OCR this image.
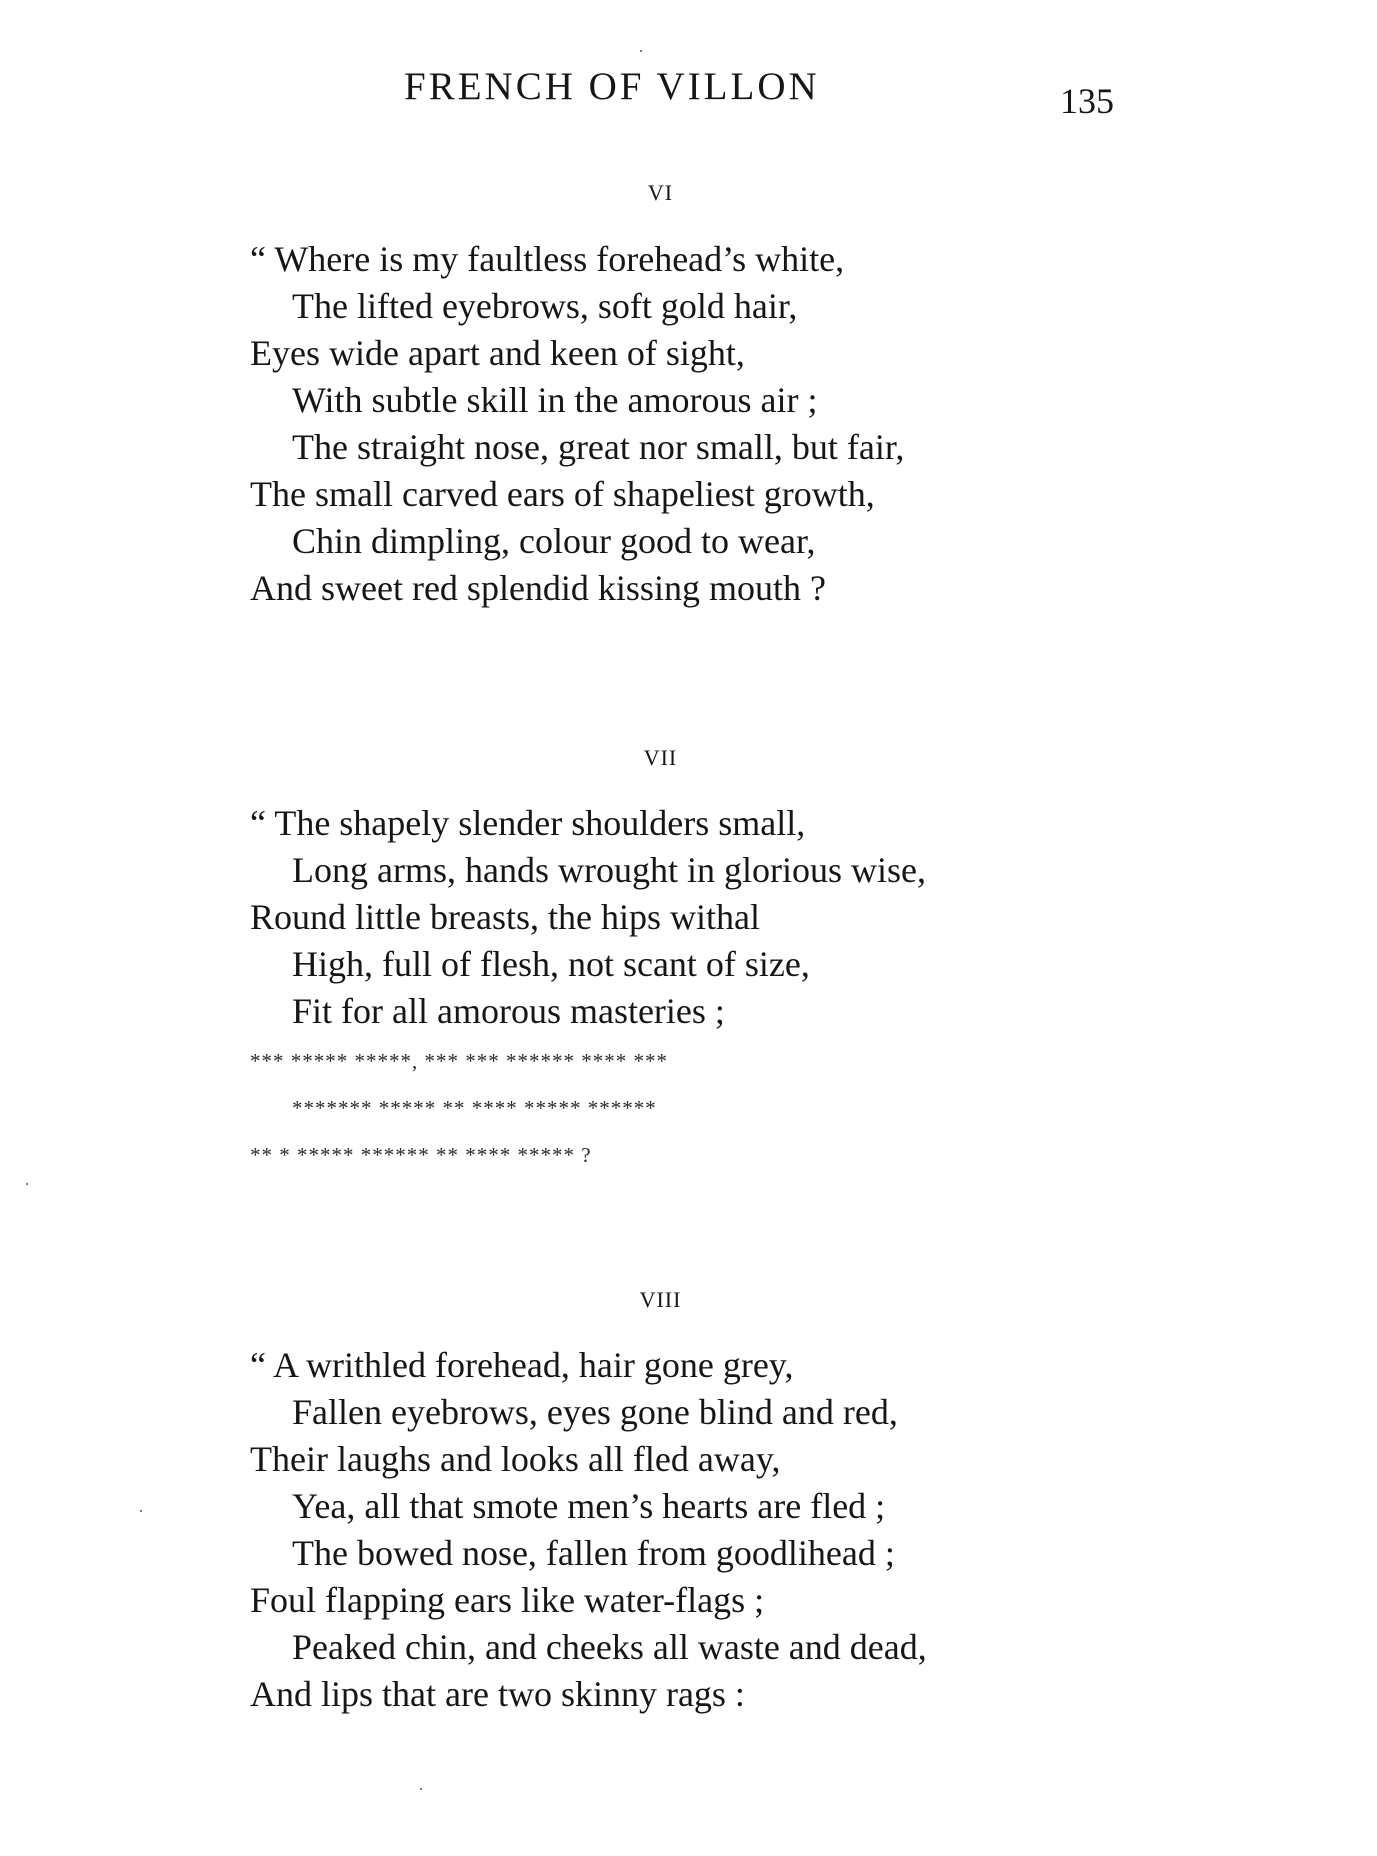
FRENCH OF VILLON	135
VI
“ Where is my faultless forehead’s white,
The lifted eyebrows, soft gold hair,
Eyes wide apart and keen of sight,
With subtle skill in the amorous air ;
The straight nose, great nor small, but fair,
The small carved ears of shapeliest growth,
Chin dimpling, colour good to wear,
And sweet red splendid kissing mouth ?
VII
“ The shapely slender shoulders small,
Long arms, hands wrought in glorious wise,
Round little breasts, the hips withal
High, full of flesh, not scant of size,
Fit for all amorous masteries ;
*** ***** *****, *** *** ****** **** ***
******* ***** ** **** ***** ******
** * ***** ****** ** **** ***** ?
VIII
“ A writhled forehead, hair gone grey,
Fallen eyebrows, eyes gone blind and red,
Their laughs and looks all fled away,
Yea, all that smote men’s hearts are fled ;
The bowed nose, fallen from goodlihead ;
Foul flapping ears like water-flags ;
Peaked chin, and cheeks all waste and dead,
And lips that are two skinny rags :
